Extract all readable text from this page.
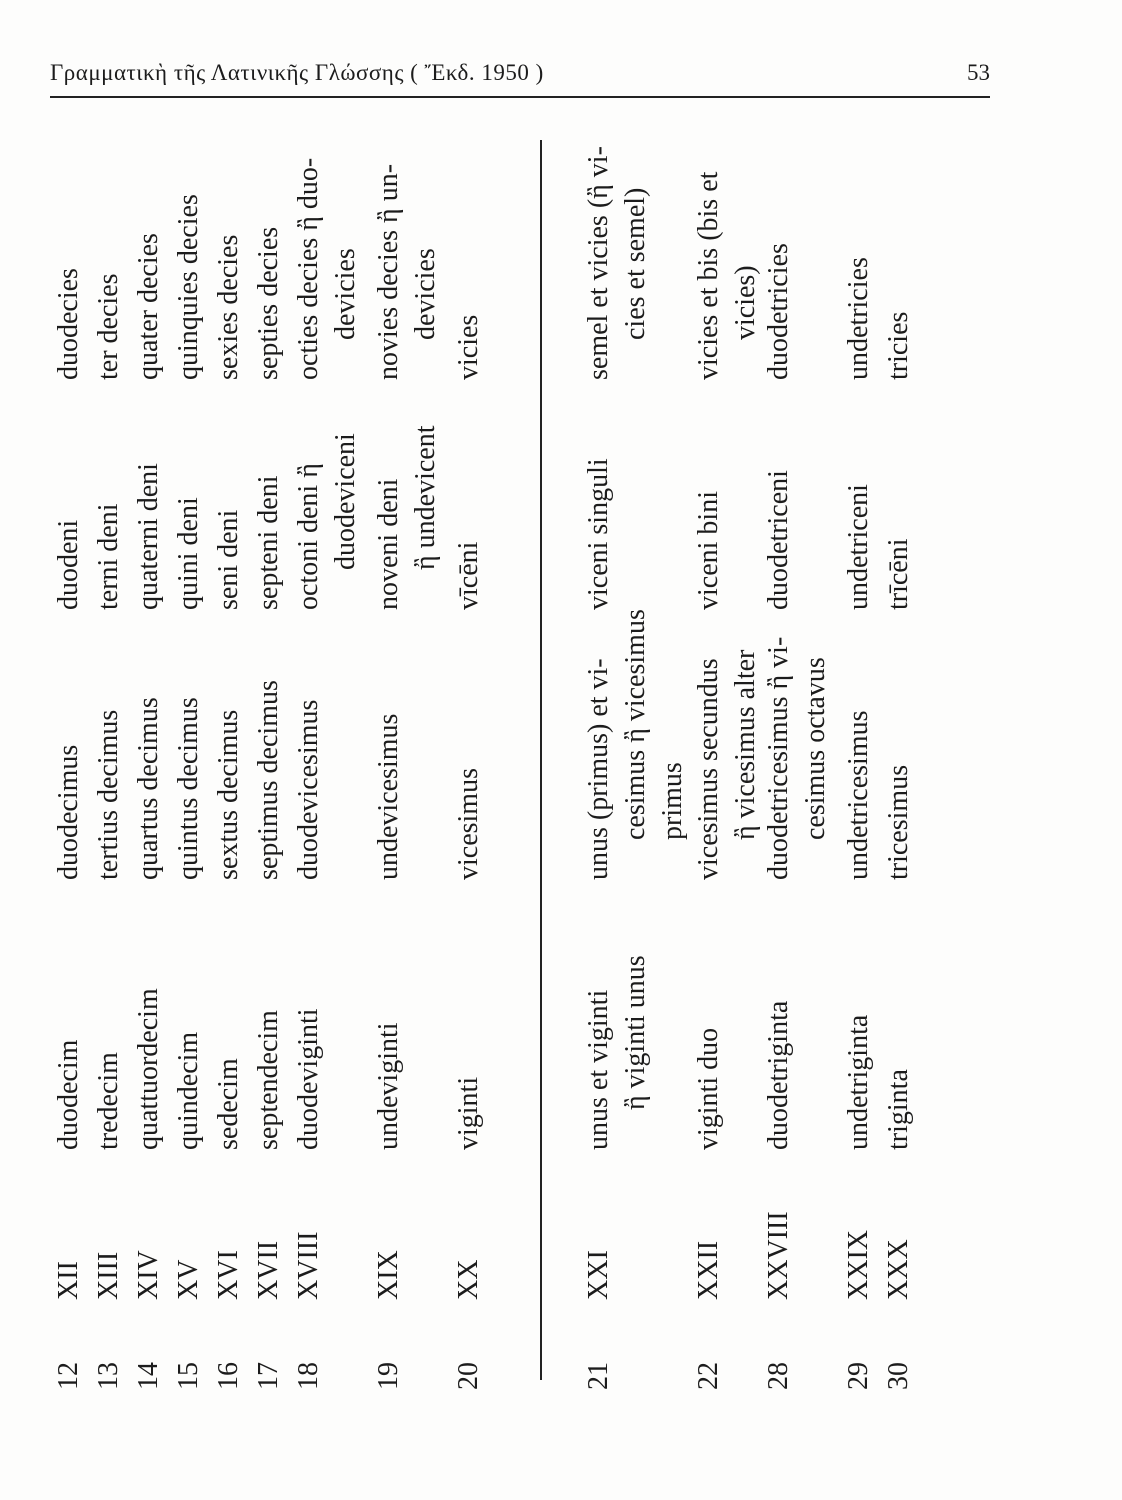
Γραμματικὴ τῆς Λατινικῆς Γλώσσης ( Ἔκδ. 1950 )	53
12
XII
duodecim
duodecimus
duodeni
duodecies
13
XIII
tredecim
tertius decimus
terni deni
ter decies
14
XIV
quattuordecim
quartus decimus
quaterni deni
quater decies
15
XV
quindecim
quintus decimus
quini deni
quinquies decies
16
XVI
sedecim
sextus decimus
seni deni
sexies decies
17
XVII
septendecim
septimus decimus
septeni deni
septies decies
18
XVIII
duodeviginti
duodevicesimus
octoni deni ἢ duodeviceni
octies decies ἢ duo- devicies
19
XIX
undeviginti
undevicesimus
noveni deni ἢ undevicent
novies decies ἢ un- devicies
20
XX
viginti
vicesimus
vīcēni
vicies
21
XXI
unus et viginti ἢ viginti unus
unus (primus) et vi- cesimus ἢ vicesimus primus
viceni singuli
semel et vicies (ἢ vi- cies et semel)
22
XXII
viginti duo
vicesimus secundus ἢ vicesimus alter
viceni bini
vicies et bis (bis et vicies)
28
XXVIII
duodetriginta
duodetricesimus ἢ vi- cesimus octavus
duodetriceni
duodetricies
29
XXIX
undetriginta
undetricesimus
undetriceni
undetricies
30
XXX
triginta
tricesimus
trīcēni
tricies
